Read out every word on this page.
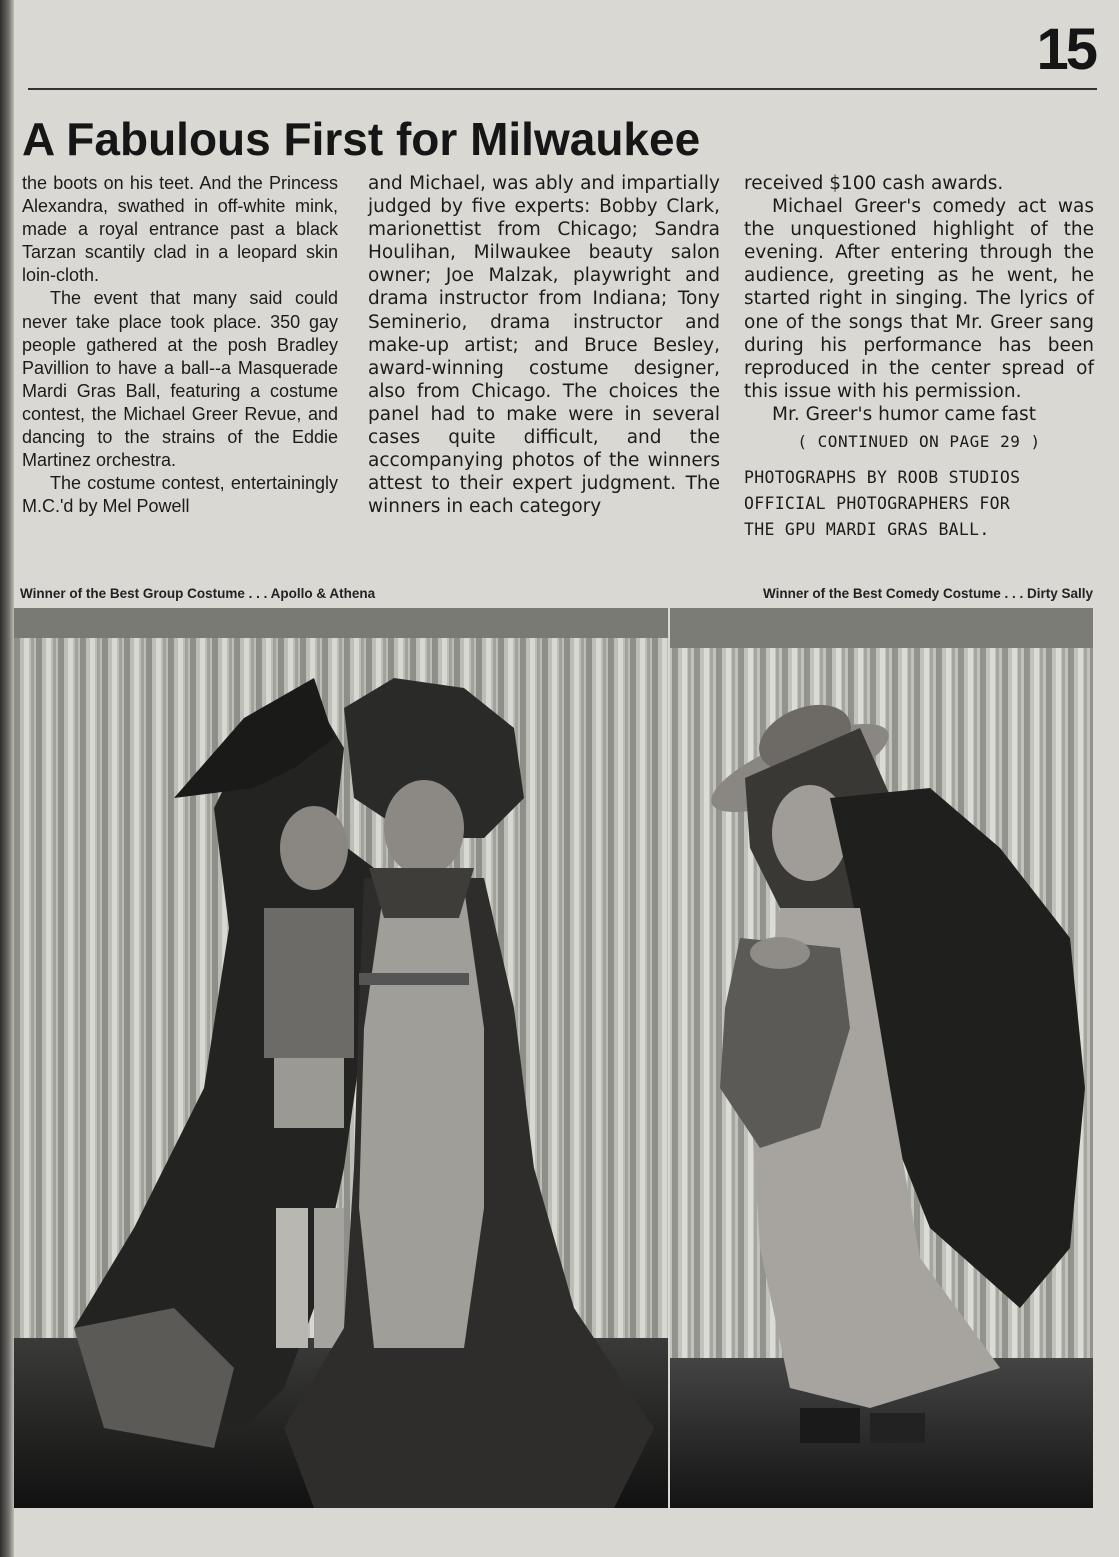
15
A Fabulous First for Milwaukee

the boots on his teet. And the Princess Alexandra, swathed in off-white mink, made a royal entrance past a black Tarzan scantily clad in a leopard skin loin-cloth.

The event that many said could never take place took place. 350 gay people gathered at the posh Bradley Pavillion to have a ball--a Masquerade Mardi Gras Ball, featuring a costume contest, the Michael Greer Revue, and dancing to the strains of the Eddie Martinez orchestra.

The costume contest, entertainingly M.C.'d by Mel Powell

and Michael, was ably and impartially judged by five experts: Bobby Clark, marionettist from Chicago; Sandra Houlihan, Milwaukee beauty salon owner; Joe Malzak, playwright and drama instructor from Indiana; Tony Seminerio, drama instructor and make-up artist; and Bruce Besley, award-winning costume designer, also from Chicago. The choices the panel had to make were in several cases quite difficult, and the accompanying photos of the winners attest to their expert judgment. The winners in each category

received $100 cash awards.

Michael Greer's comedy act was the unquestioned highlight of the evening. After entering through the audience, greeting as he went, he started right in singing. The lyrics of one of the songs that Mr. Greer sang during his performance has been reproduced in the center spread of this issue with his permission.

Mr. Greer's humor came fast

( CONTINUED ON PAGE 29 )
PHOTOGRAPHS BY ROOB STUDIOS
OFFICIAL PHOTOGRAPHERS FOR
THE GPU MARDI GRAS BALL.

Winner of the Best Group Costume . . . Apollo & Athena	Winner of the Best Comedy Costume . . . Dirty Sally
